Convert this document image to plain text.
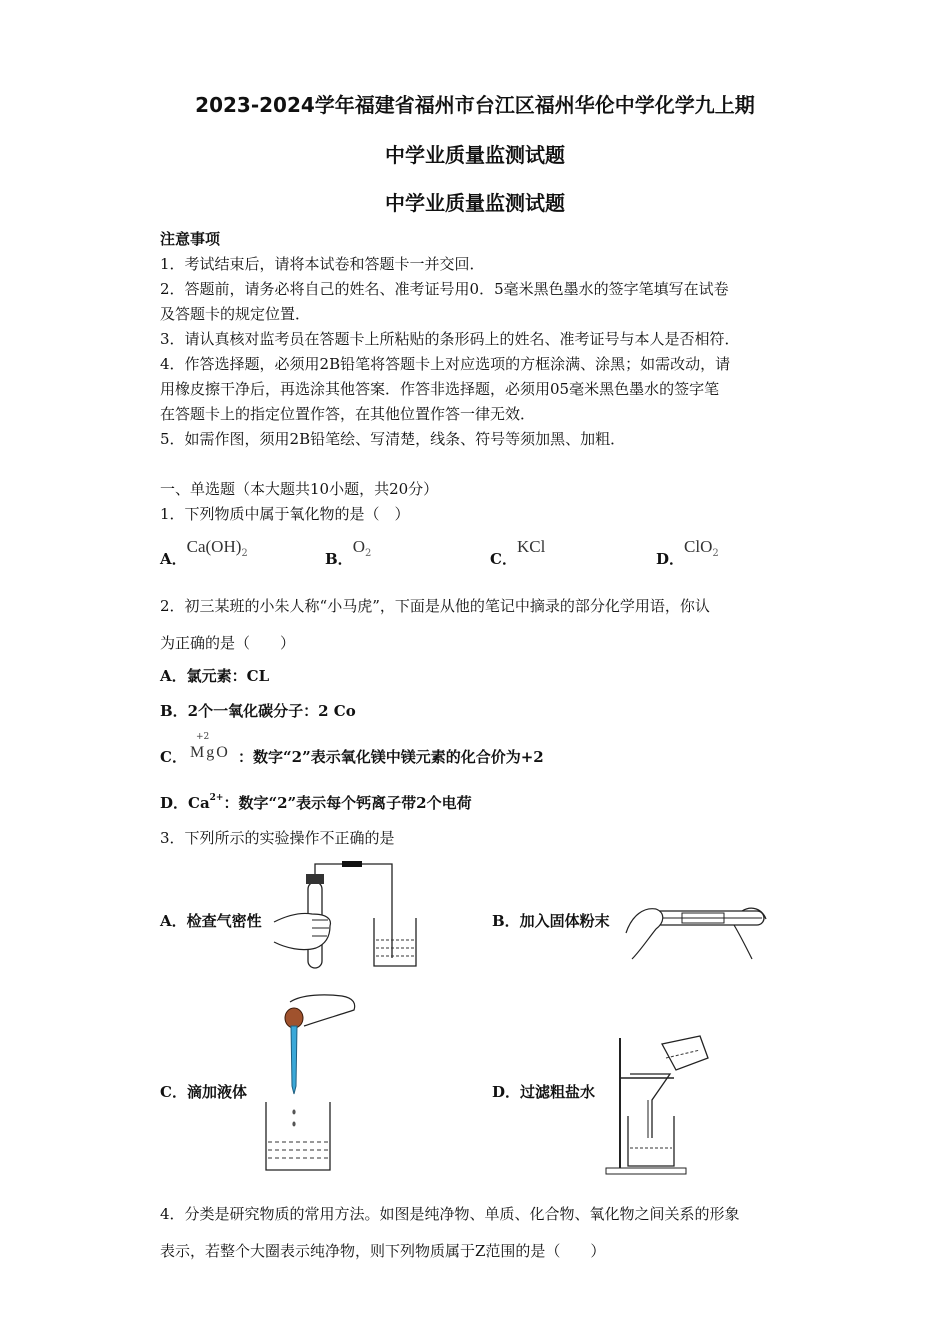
2023-2024学年福建省福州市台江区福州华伦中学化学九上期
中学业质量监测试题
中学业质量监测试题
注意事项
1．考试结束后，请将本试卷和答题卡一并交回．
2．答题前，请务必将自己的姓名、准考证号用0．5毫米黑色墨水的签字笔填写在试卷
及答题卡的规定位置．
3．请认真核对监考员在答题卡上所粘贴的条形码上的姓名、准考证号与本人是否相符．
4．作答选择题，必须用2B铅笔将答题卡上对应选项的方框涂满、涂黑；如需改动，请
用橡皮擦干净后，再选涂其他答案．作答非选择题，必须用05毫米黑色墨水的签字笔
在答题卡上的指定位置作答，在其他位置作答一律无效．
5．如需作图，须用2B铅笔绘、写清楚，线条、符号等须加黑、加粗．
一、单选题（本大题共10小题，共20分）
1．下列物质中属于氧化物的是（　）
A．$Ca(OH)_2$	B．$O_2$	C．KCl
D．ClO$_2$
2．初三某班的小朱人称“小马虎”，下面是从他的笔记中摘录的部分化学用语，你认
为正确的是（　　）
A．氯元素：CL
B．2个一氧化碳分子：2 Co
C．
+2
MgO ：数字“2”表示氧化镁中镁元素的化合价为+2
D．$Ca^{2+}$：数字“2”表示每个钙离子带2个电荷
3．下列所示的实验操作不正确的是
A．检查气密性	B．加入固体粉末
C．滴加液体	D．过滤粗盐水
4．分类是研究物质的常用方法。如图是纯净物、单质、化合物、氧化物之间关系的形象
表示，若整个大圈表示纯净物，则下列物质属于Z范围的是（　　）
